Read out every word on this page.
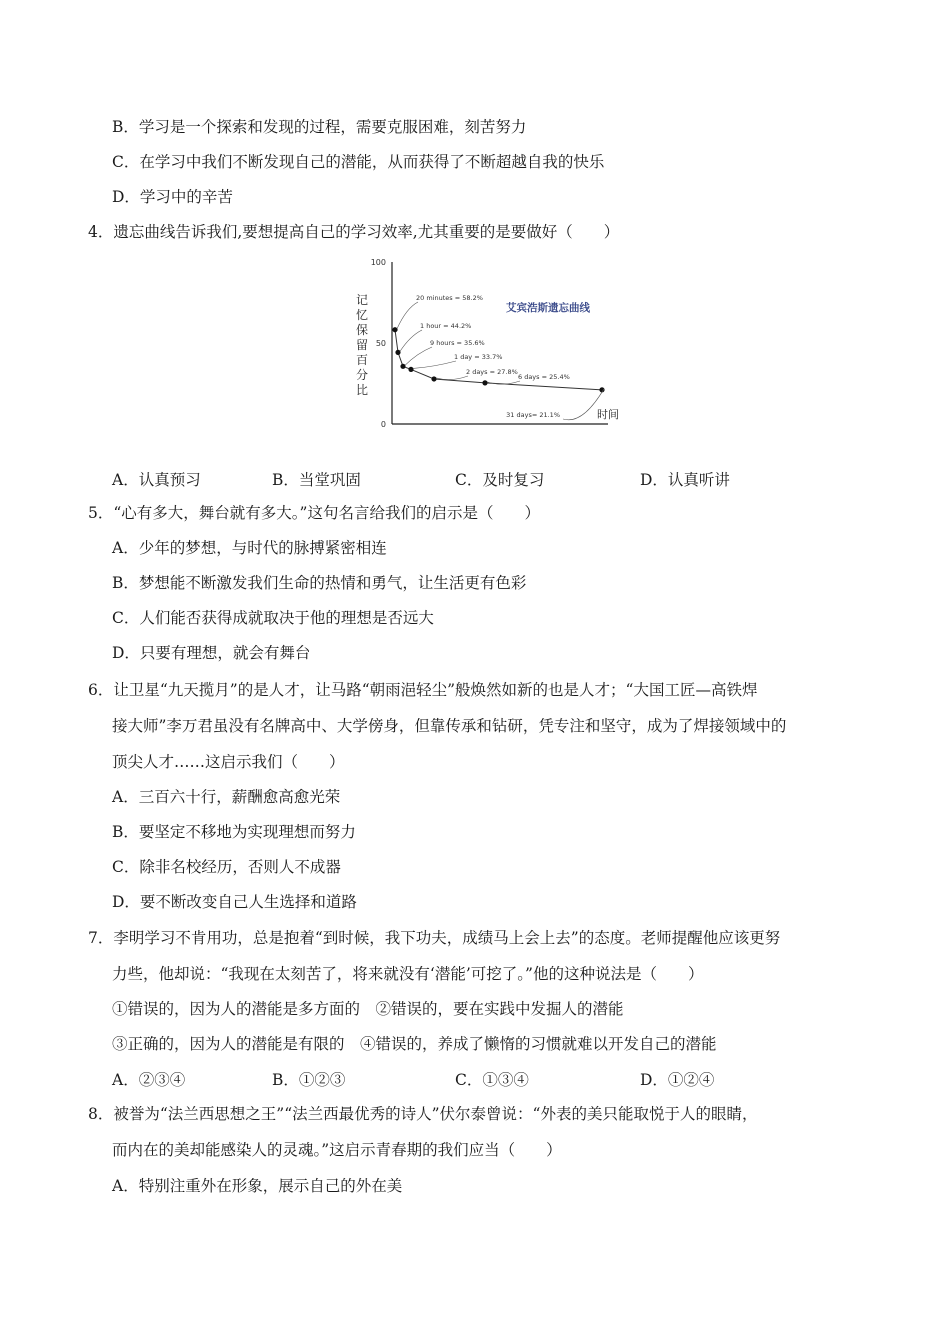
B．学习是一个探索和发现的过程，需要克服困难，刻苦努力
C．在学习中我们不断发现自己的潜能，从而获得了不断超越自我的快乐
D．学习中的辛苦
4．遗忘曲线告诉我们,要想提高自己的学习效率,尤其重要的是要做好（　　）
0
50
100
记
忆
保
留
百
分
比
时间
艾宾浩斯遗忘曲线
20 minutes = 58.2%
1 hour = 44.2%
9 hours = 35.6%
1 day = 33.7%
2 days = 27.8%
6 days = 25.4%
31 days= 21.1%
A．认真预习	B．当堂巩固	C．及时复习	D．认真听讲
5．“心有多大，舞台就有多大。”这句名言给我们的启示是（　　）
A．少年的梦想，与时代的脉搏紧密相连
B．梦想能不断激发我们生命的热情和勇气，让生活更有色彩
C．人们能否获得成就取决于他的理想是否远大
D．只要有理想，就会有舞台
6．让卫星“九天揽月”的是人才，让马路“朝雨浥轻尘”般焕然如新的也是人才；“大国工匠—高铁焊
接大师”李万君虽没有名牌高中、大学傍身，但靠传承和钻研，凭专注和坚守，成为了焊接领域中的
顶尖人才……这启示我们（　　）
A．三百六十行，薪酬愈高愈光荣
B．要坚定不移地为实现理想而努力
C．除非名校经历，否则人不成器
D．要不断改变自己人生选择和道路
7．李明学习不肯用功，总是抱着“到时候，我下功夫，成绩马上会上去”的态度。老师提醒他应该更努
力些，他却说：“我现在太刻苦了，将来就没有‘潜能’可挖了。”他的这种说法是（　　）
①错误的，因为人的潜能是多方面的　②错误的，要在实践中发掘人的潜能
③正确的，因为人的潜能是有限的　④错误的，养成了懒惰的习惯就难以开发自己的潜能
A．②③④	B．①②③	C．①③④	D．①②④
8．被誉为“法兰西思想之王”“法兰西最优秀的诗人”伏尔泰曾说：“外表的美只能取悦于人的眼睛，
而内在的美却能感染人的灵魂。”这启示青春期的我们应当（　　）
A．特别注重外在形象，展示自己的外在美
